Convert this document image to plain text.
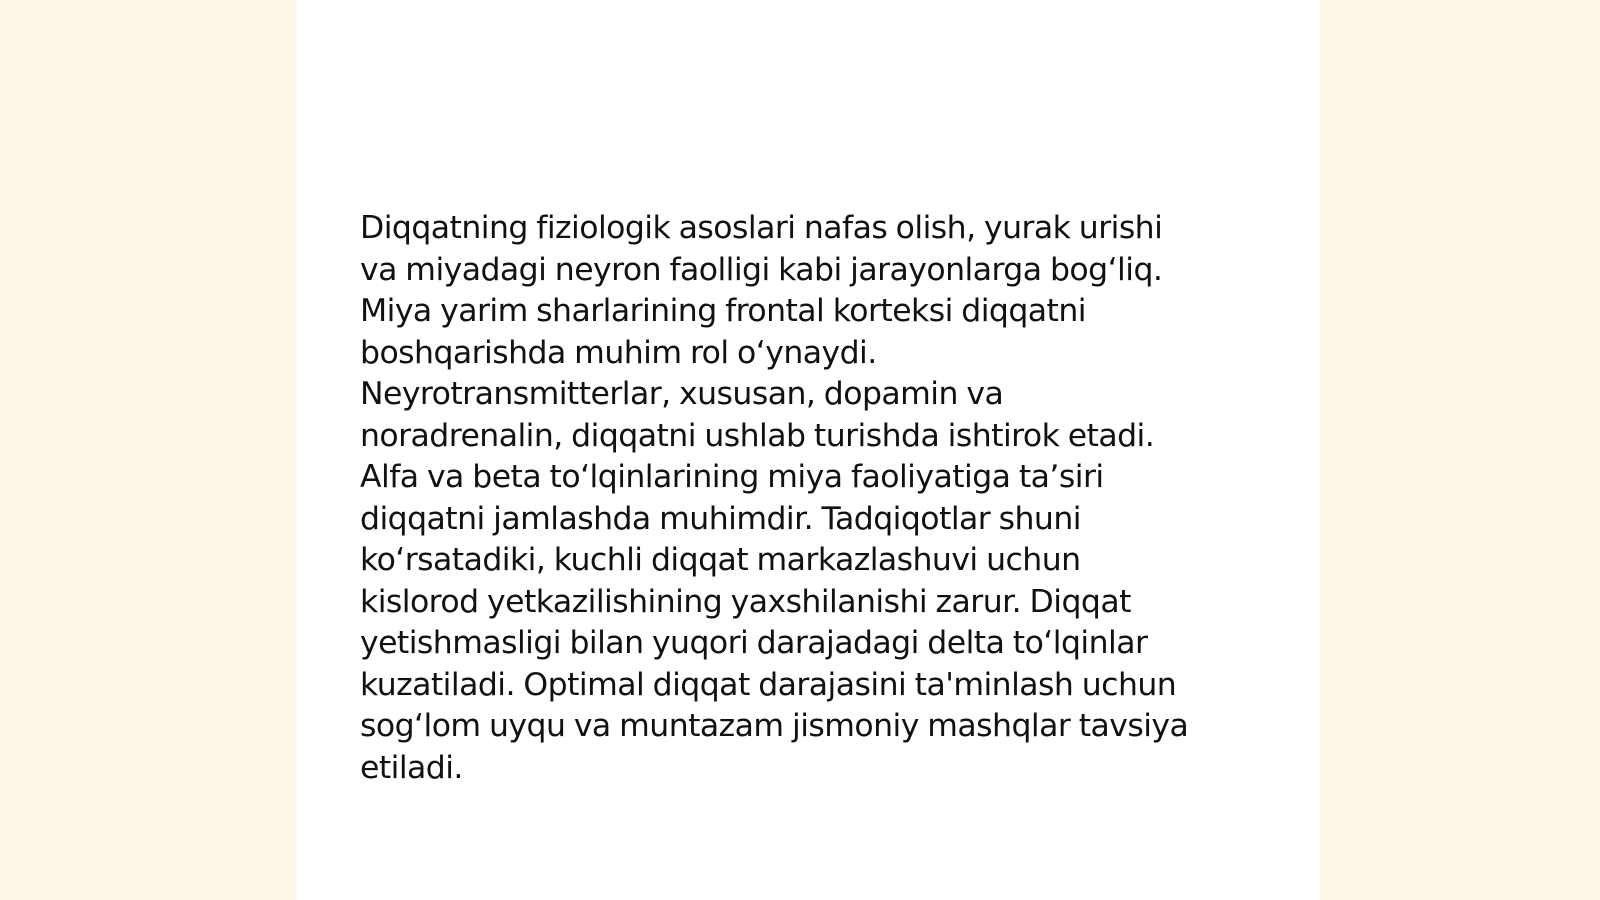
Diqqatning fiziologik asoslari nafas olish, yurak urishi
va miyadagi neyron faolligi kabi jarayonlarga bog‘liq.
Miya yarim sharlarining frontal korteksi diqqatni
boshqarishda muhim rol o‘ynaydi.
Neyrotransmitterlar, xususan, dopamin va
noradrenalin, diqqatni ushlab turishda ishtirok etadi.
Alfa va beta to‘lqinlarining miya faoliyatiga ta’siri
diqqatni jamlashda muhimdir. Tadqiqotlar shuni
ko‘rsatadiki, kuchli diqqat markazlashuvi uchun
kislorod yetkazilishining yaxshilanishi zarur. Diqqat
yetishmasligi bilan yuqori darajadagi delta to‘lqinlar
kuzatiladi. Optimal diqqat darajasini ta'minlash uchun
sog‘lom uyqu va muntazam jismoniy mashqlar tavsiya
etiladi.
